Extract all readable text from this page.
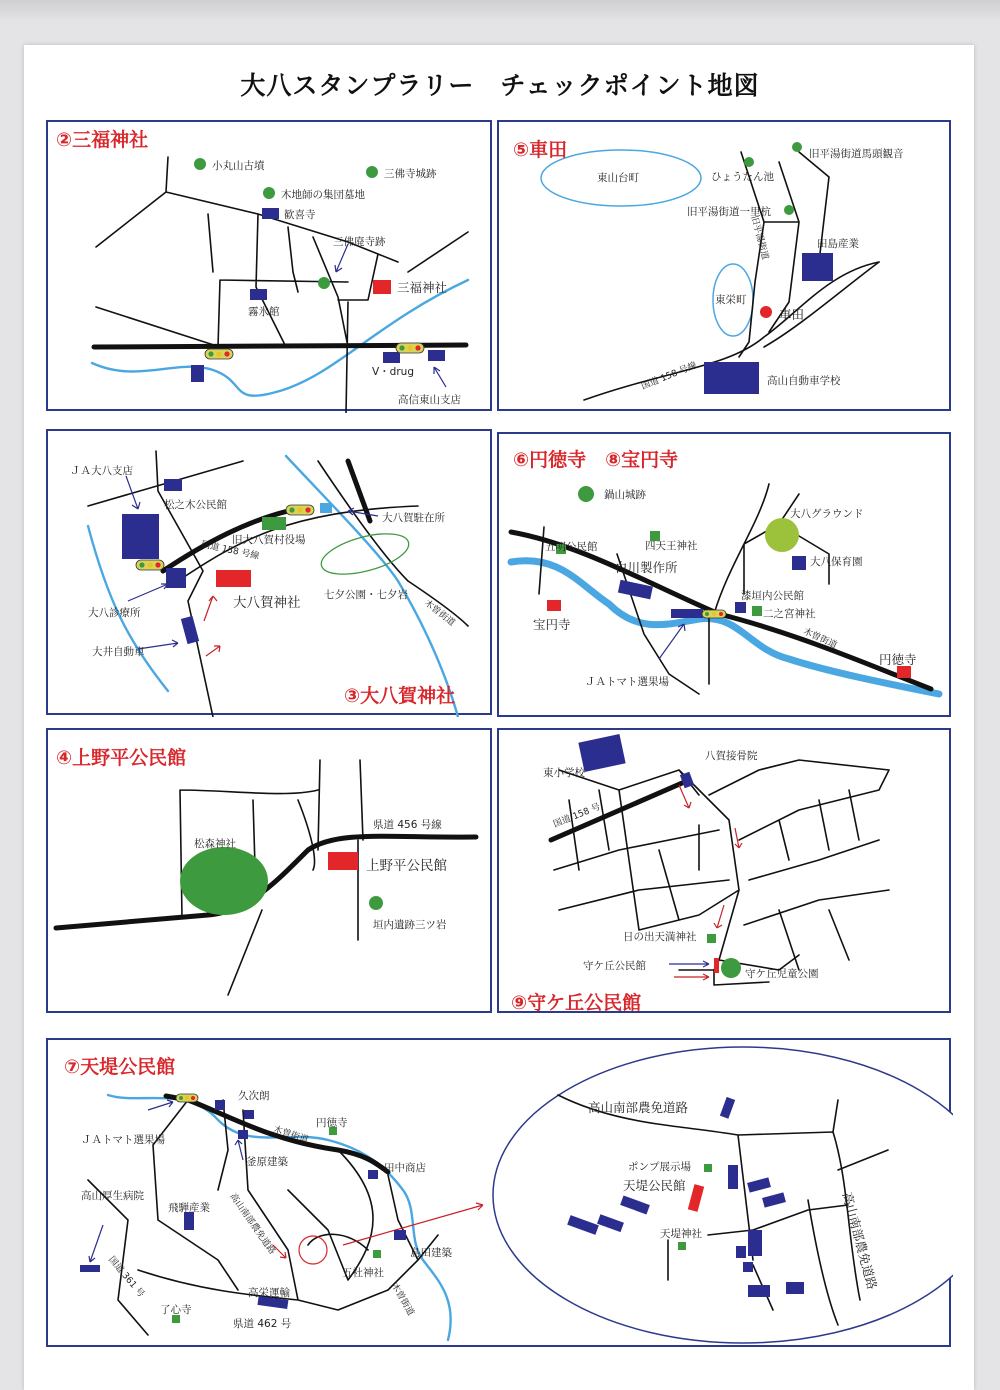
大八スタンプラリー　チェックポイント地図
②三福神社
小丸山古墳
三佛寺城跡
木地師の集団墓地
歓喜寺
三佛廃寺跡
三福神社
霧氷館
V・drug
高信東山支店
⑤車田
東山台町
東栄町
ひょうたん池
旧平湯街道馬頭観音
旧平湯街道一里杭
旧平湯街道	田島産業
車田
国道 158 号線	高山自動車学校
ＪＡ大八支店
松之木公民館
旧大八賀村役場
国道 158 号線
大八賀駐在所
七夕公園・七夕岩
木曽街道
大八賀神社
大八診療所
大井自動車
③大八賀神社
⑥円徳寺　⑧宝円寺
鍋山城跡
大八グラウンド
五明公民館	四天王神社
白川製作所	大八保育園
漆垣内公民館
二之宮神社
宝円寺
木曽街道
円徳寺
ＪＡトマト選果場
④上野平公民館
松森神社
県道 456 号線
上野平公民館
垣内遺跡三ツ岩
東小学校
国道 158 号
八賀接骨院
日の出天満神社
守ケ丘公民館
守ケ丘児童公園
⑨守ケ丘公民館
⑦天堤公民館
ＪＡトマト選果場
久次朗
木曽街道
円徳寺
田中商店
釜原建築
高山厚生病院
飛騨産業 高山南部農免道路	島田建築
五社神社
国道 361 号
木曽街道
高栄運輸
了心寺
県道 462 号
高山南部農免道路
高山南部農免道路
ポンプ展示場
天堤公民館
天堤神社
